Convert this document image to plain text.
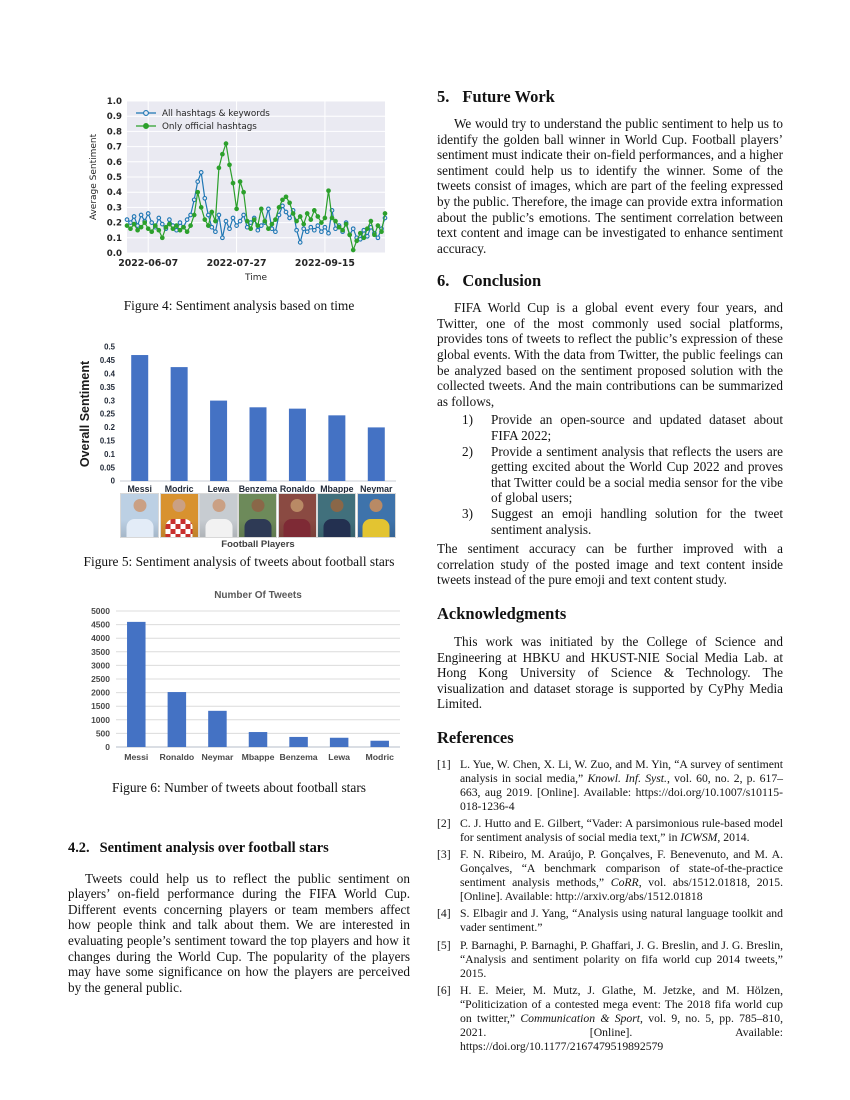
0.0
0.1
0.2
0.3
0.4
0.5
0.6
0.7
0.8
0.9
1.0
2022-06-07	2022-07-27	2022-09-15
All hashtags & keywords
Only official hashtags
Time
Average Sentiment
Figure 4: Sentiment analysis based on time
0
0.05
0.1
0.15
0.2
0.25
0.3
0.35
0.4
0.45
0.5
Messi Modric Lewa Benzema Ronaldo Mbappe Neymar
Overall Sentiment
Football Players
Figure 5: Sentiment analysis of tweets about football stars
Number Of Tweets
0
500
1000
1500
2000
2500
3000
3500
4000
4500
5000
Messi Ronaldo Neymar Mbappe Benzema Lewa Modric
Figure 6: Number of tweets about football stars
4.2. Sentiment analysis over football stars

Tweets could help us to reflect the public sentiment on players’ on-field performance during the FIFA World Cup. Different events concerning players or team members affect how people think and talk about them. We are interested in evaluating people’s sentiment toward the top players and how it changes during the World Cup. The popularity of the players may have some significance on how the players are perceived by the general public.

5. Future Work

We would try to understand the public sentiment to help us to identify the golden ball winner in World Cup. Football players’ sentiment must indicate their on-field performances, and a higher sentiment could help us to identify the winner. Some of the tweets consist of images, which are part of the feeling expressed by the public. Therefore, the image can provide extra information about the public’s emotions. The sentiment correlation between text content and image can be investigated to enhance sentiment accuracy.

6. Conclusion

FIFA World Cup is a global event every four years, and Twitter, one of the most commonly used social platforms, provides tons of tweets to reflect the public’s expression of these global events. With the data from Twitter, the public feelings can be analyzed based on the sentiment proposed solution with the collected tweets. And the main contributions can be summarized as follows,

1) Provide an open-source and updated dataset about FIFA 2022;
2) Provide a sentiment analysis that reflects the users are getting excited about the World Cup 2022 and proves that Twitter could be a social media sensor for the vibe of global users;
3) Suggest an emoji handling solution for the tweet sentiment analysis.

The sentiment accuracy can be further improved with a correlation study of the posted image and text content inside tweets instead of the pure emoji and text content study.

Acknowledgments

This work was initiated by the College of Science and Engineering at HBKU and HKUST-NIE Social Media Lab. at Hong Kong University of Science & Technology. The visualization and dataset storage is supported by CyPhy Media Limited.

References
[1] L. Yue, W. Chen, X. Li, W. Zuo, and M. Yin, “A survey of sentiment analysis in social media,” Knowl. Inf. Syst., vol. 60, no. 2, p. 617–663, aug 2019. [Online]. Available: https://doi.org/10.1007/s10115-018-1236-4
[2] C. J. Hutto and E. Gilbert, “Vader: A parsimonious rule-based model for sentiment analysis of social media text,” in ICWSM, 2014.
[3] F. N. Ribeiro, M. Araújo, P. Gonçalves, F. Benevenuto, and M. A. Gonçalves, “A benchmark comparison of state-of-the-practice sentiment analysis methods,” CoRR, vol. abs/1512.01818, 2015. [Online]. Available: http://arxiv.org/abs/1512.01818
[4] S. Elbagir and J. Yang, “Analysis using natural language toolkit and vader sentiment.”
[5] P. Barnaghi, P. Barnaghi, P. Ghaffari, J. G. Breslin, and J. G. Breslin, “Analysis and sentiment polarity on fifa world cup 2014 tweets,” 2015.
[6] H. E. Meier, M. Mutz, J. Glathe, M. Jetzke, and M. Hölzen, “Politicization of a contested mega event: The 2018 fifa world cup on twitter,” Communication & Sport, vol. 9, no. 5, pp. 785–810, 2021. [Online]. Available: https://doi.org/10.1177/2167479519892579
